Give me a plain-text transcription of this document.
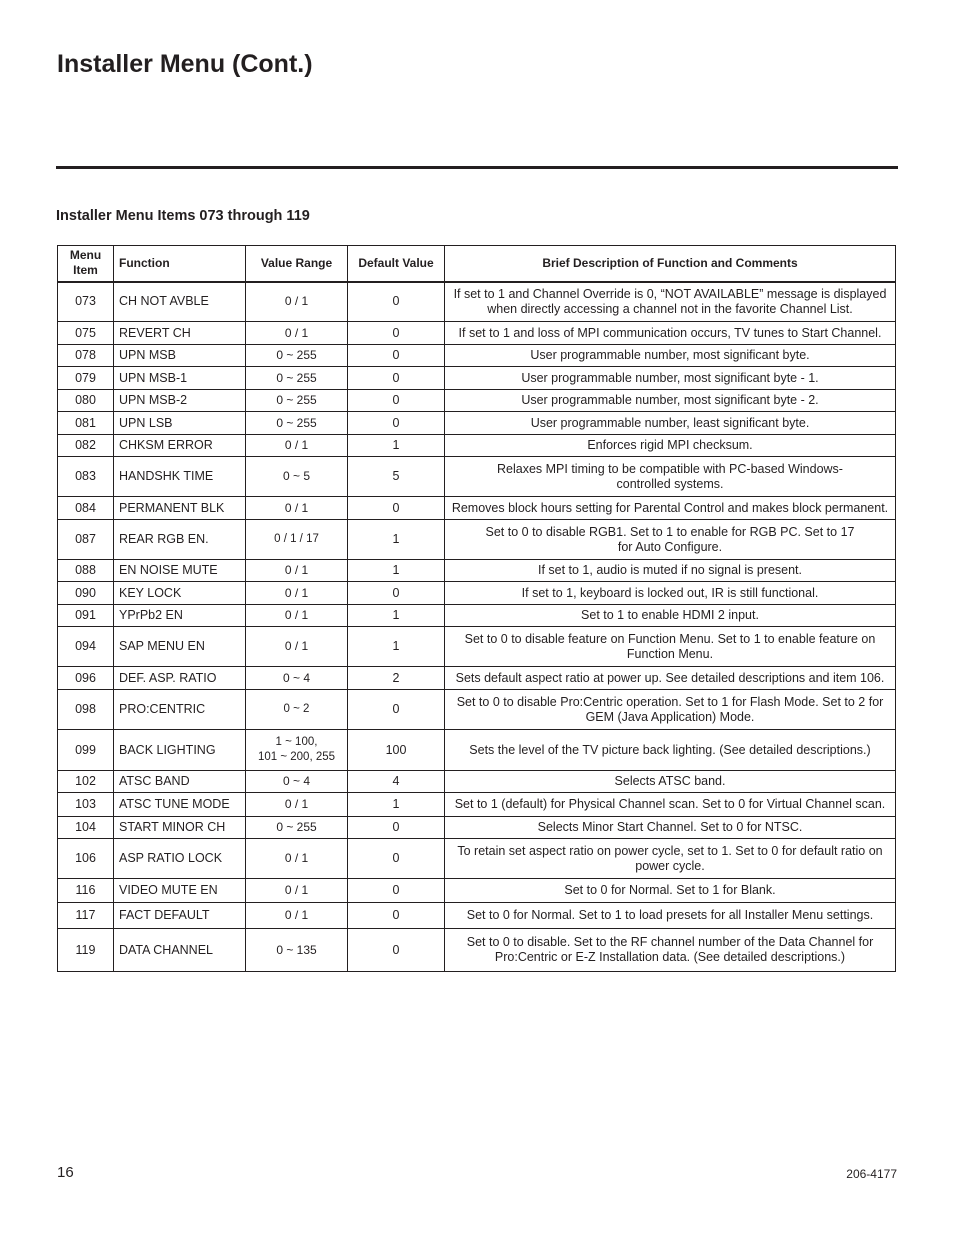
Installer Menu (Cont.)
Installer Menu Items 073 through 119
Menu
Item	Function	Value Range	Default Value	Brief Description of Function and Comments
073	CH NOT AVBLE	0 / 1	0	If set to 1 and Channel Override is 0, “NOT AVAILABLE” message is displayed
when directly accessing a channel not in the favorite Channel List.
075	REVERT CH	0 / 1	0	If set to 1 and loss of MPI communication occurs, TV tunes to Start Channel.
078	UPN MSB	0 ~ 255	0	User programmable number, most significant byte.
079	UPN MSB-1	0 ~ 255	0	User programmable number, most significant byte - 1.
080	UPN MSB-2	0 ~ 255	0	User programmable number, most significant byte - 2.
081	UPN LSB	0 ~ 255	0	User programmable number, least significant byte.
082	CHKSM ERROR	0 / 1	1	Enforces rigid MPI checksum.
083	HANDSHK TIME	0 ~ 5	5	Relaxes MPI timing to be compatible with PC-based Windows-
controlled systems.
084	PERMANENT BLK	0 / 1	0	Removes block hours setting for Parental Control and makes block permanent.
087	REAR RGB EN.	0 / 1 / 17	1	Set to 0 to disable RGB1. Set to 1 to enable for RGB PC. Set to 17
for Auto Configure.
088	EN NOISE MUTE	0 / 1	1	If set to 1, audio is muted if no signal is present.
090	KEY LOCK	0 / 1	0	If set to 1, keyboard is locked out, IR is still functional.
091	YPrPb2 EN	0 / 1	1	Set to 1 to enable HDMI 2 input.
094	SAP MENU EN	0 / 1	1	Set to 0 to disable feature on Function Menu. Set to 1 to enable feature on
Function Menu.
096	DEF. ASP. RATIO	0 ~ 4	2	Sets default aspect ratio at power up. See detailed descriptions and item 106.
098	PRO:CENTRIC	0 ~ 2	0	Set to 0 to disable Pro:Centric operation. Set to 1 for Flash Mode. Set to 2 for
GEM (Java Application) Mode.
099	BACK LIGHTING	1 ~ 100,
101 ~ 200, 255	100	Sets the level of the TV picture back lighting. (See detailed descriptions.)
102	ATSC BAND	0 ~ 4	4	Selects ATSC band.
103	ATSC TUNE MODE	0 / 1	1	Set to 1 (default) for Physical Channel scan. Set to 0 for Virtual Channel scan.
104	START MINOR CH	0 ~ 255	0	Selects Minor Start Channel. Set to 0 for NTSC.
106	ASP RATIO LOCK	0 / 1	0	To retain set aspect ratio on power cycle, set to 1. Set to 0 for default ratio on
power cycle.
116	VIDEO MUTE EN	0 / 1	0	Set to 0 for Normal. Set to 1 for Blank.
117	FACT DEFAULT	0 / 1	0	Set to 0 for Normal. Set to 1 to load presets for all Installer Menu settings.
119	DATA CHANNEL	0 ~ 135	0	Set to 0 to disable. Set to the RF channel number of the Data Channel for
Pro:Centric or E-Z Installation data. (See detailed descriptions.)
16	206-4177
